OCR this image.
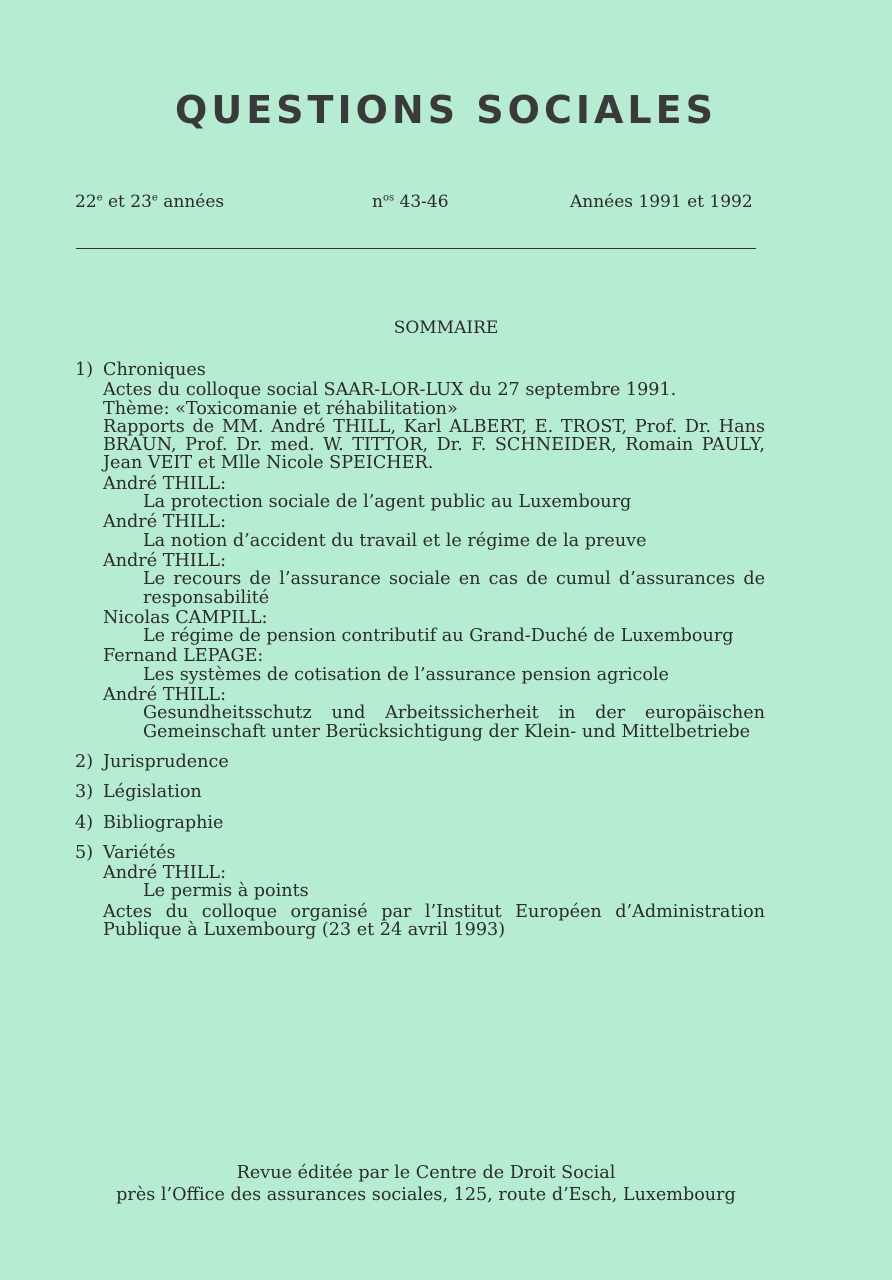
QUESTIONS SOCIALES
22e et 23e années	$n^{os}$ 43-46	Années 1991 et 1992
SOMMAIRE
1) Chroniques
Actes du colloque social SAAR-LOR-LUX du 27 septembre 1991.
Thème: «Toxicomanie et réhabilitation»
Rapports de MM. André THILL, Karl ALBERT, E. TROST, Prof. Dr. Hans BRAUN, Prof. Dr. med. W. TITTOR, Dr. F. SCHNEIDER, Romain PAULY, Jean VEIT et Mlle Nicole SPEICHER.
André THILL:
La protection sociale de l’agent public au Luxembourg
André THILL:
La notion d’accident du travail et le régime de la preuve
André THILL:
Le recours de l’assurance sociale en cas de cumul d’assurances de responsabilité
Nicolas CAMPILL:
Le régime de pension contributif au Grand-Duché de Luxembourg
Fernand LEPAGE:
Les systèmes de cotisation de l’assurance pension agricole
André THILL:
Gesundheitsschutz und Arbeitssicherheit in der europäischen Gemeinschaft unter Berücksichtigung der Klein- und Mittelbetriebe
2) Jurisprudence
3) Législation
4) Bibliographie
5) Variétés
André THILL:
Le permis à points
Actes du colloque organisé par l’Institut Européen d’Administration Publique à Luxembourg (23 et 24 avril 1993)
Revue éditée par le Centre de Droit Social
près l’Office des assurances sociales, 125, route d’Esch, Luxembourg
